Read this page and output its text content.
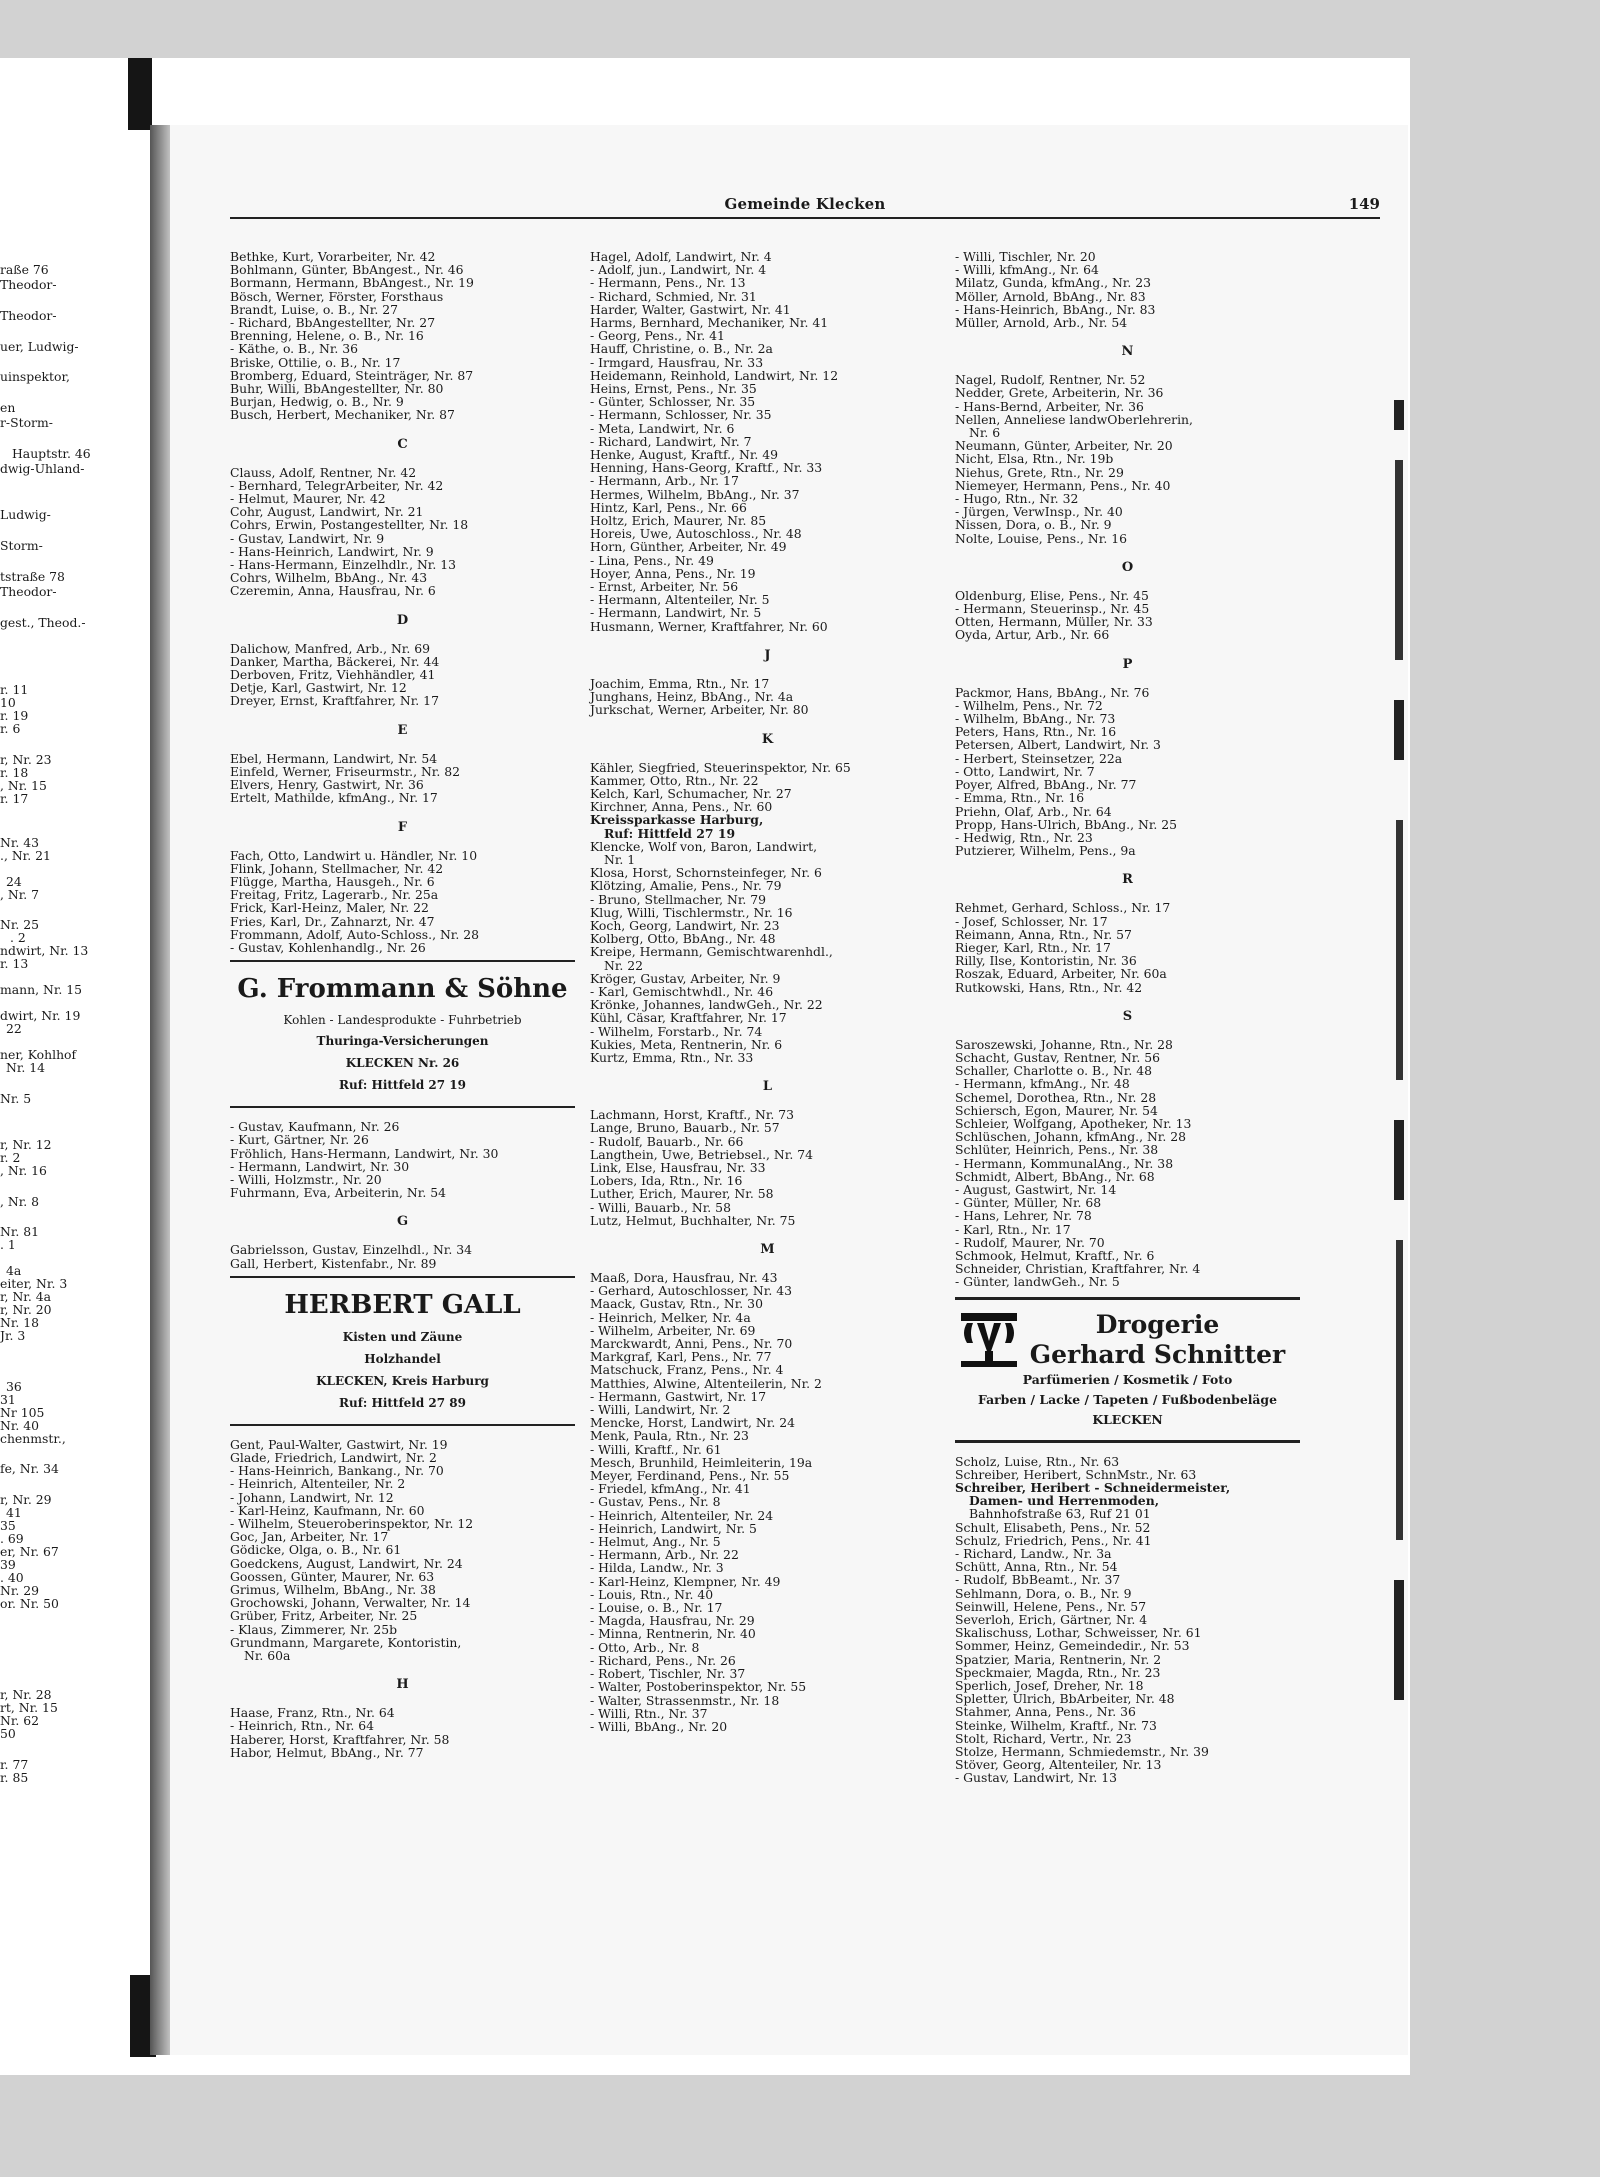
raße 76
Theodor-
Theodor-
uer, Ludwig-
uinspektor,
en
r-Storm-
Hauptstr. 46
dwig-Uhland-
Ludwig-
Storm-
tstraße 78
Theodor-
gest., Theod.-
r. 11
10
r. 19
r. 6
r, Nr. 23
r. 18
, Nr. 15
r. 17
Nr. 43
., Nr. 21
24
, Nr. 7
Nr. 25
. 2
ndwirt, Nr. 13
r. 13
mann, Nr. 15
dwirt, Nr. 19
22
ner, Kohlhof
Nr. 14
Nr. 5
r, Nr. 12
r. 2
, Nr. 16
, Nr. 8
Nr. 81
. 1
4a
eiter, Nr. 3
r, Nr. 4a
r, Nr. 20
Nr. 18
Jr. 3
36
31
Nr 105
Nr. 40
chenmstr.,
fe, Nr. 34
r, Nr. 29
41
35
. 69
er, Nr. 67
39
. 40
Nr. 29
or. Nr. 50
r, Nr. 28
rt, Nr. 15
Nr. 62
50
r. 77
r. 85
Gemeinde Klecken	149
Bethke, Kurt, Vorarbeiter, Nr. 42
Bohlmann, Günter, BbAngest., Nr. 46
Bormann, Hermann, BbAngest., Nr. 19
Bösch, Werner, Förster, Forsthaus
Brandt, Luise, o. B., Nr. 27
- Richard, BbAngestellter, Nr. 27
Brenning, Helene, o. B., Nr. 16
- Käthe, o. B., Nr. 36
Briske, Ottilie, o. B., Nr. 17
Bromberg, Eduard, Steinträger, Nr. 87
Buhr, Willi, BbAngestellter, Nr. 80
Burjan, Hedwig, o. B., Nr. 9
Busch, Herbert, Mechaniker, Nr. 87
C
Clauss, Adolf, Rentner, Nr. 42
- Bernhard, TelegrArbeiter, Nr. 42
- Helmut, Maurer, Nr. 42
Cohr, August, Landwirt, Nr. 21
Cohrs, Erwin, Postangestellter, Nr. 18
- Gustav, Landwirt, Nr. 9
- Hans-Heinrich, Landwirt, Nr. 9
- Hans-Hermann, Einzelhdlr., Nr. 13
Cohrs, Wilhelm, BbAng., Nr. 43
Czeremin, Anna, Hausfrau, Nr. 6
D
Dalichow, Manfred, Arb., Nr. 69
Danker, Martha, Bäckerei, Nr. 44
Derboven, Fritz, Viehhändler, 41
Detje, Karl, Gastwirt, Nr. 12
Dreyer, Ernst, Kraftfahrer, Nr. 17
E
Ebel, Hermann, Landwirt, Nr. 54
Einfeld, Werner, Friseurmstr., Nr. 82
Elvers, Henry, Gastwirt, Nr. 36
Ertelt, Mathilde, kfmAng., Nr. 17
F
Fach, Otto, Landwirt u. Händler, Nr. 10
Flink, Johann, Stellmacher, Nr. 42
Flügge, Martha, Hausgeh., Nr. 6
Freitag, Fritz, Lagerarb., Nr. 25a
Frick, Karl-Heinz, Maler, Nr. 22
Fries, Karl, Dr., Zahnarzt, Nr. 47
Frommann, Adolf, Auto-Schloss., Nr. 28
- Gustav, Kohlenhandlg., Nr. 26
G. Frommann & Söhne
Kohlen - Landesprodukte - Fuhrbetrieb
Thuringa-Versicherungen
KLECKEN Nr. 26
Ruf: Hittfeld 27 19
- Gustav, Kaufmann, Nr. 26
- Kurt, Gärtner, Nr. 26
Fröhlich, Hans-Hermann, Landwirt, Nr. 30
- Hermann, Landwirt, Nr. 30
- Willi, Holzmstr., Nr. 20
Fuhrmann, Eva, Arbeiterin, Nr. 54
G
Gabrielsson, Gustav, Einzelhdl., Nr. 34
Gall, Herbert, Kistenfabr., Nr. 89
HERBERT GALL
Kisten und Zäune
Holzhandel
KLECKEN, Kreis Harburg
Ruf: Hittfeld 27 89
Gent, Paul-Walter, Gastwirt, Nr. 19
Glade, Friedrich, Landwirt, Nr. 2
- Hans-Heinrich, Bankang., Nr. 70
- Heinrich, Altenteiler, Nr. 2
- Johann, Landwirt, Nr. 12
- Karl-Heinz, Kaufmann, Nr. 60
- Wilhelm, Steueroberinspektor, Nr. 12
Goc, Jan, Arbeiter, Nr. 17
Gödicke, Olga, o. B., Nr. 61
Goedckens, August, Landwirt, Nr. 24
Goossen, Günter, Maurer, Nr. 63
Grimus, Wilhelm, BbAng., Nr. 38
Grochowski, Johann, Verwalter, Nr. 14
Grüber, Fritz, Arbeiter, Nr. 25
- Klaus, Zimmerer, Nr. 25b
Grundmann, Margarete, Kontoristin,
Nr. 60a
H
Haase, Franz, Rtn., Nr. 64
- Heinrich, Rtn., Nr. 64
Haberer, Horst, Kraftfahrer, Nr. 58
Habor, Helmut, BbAng., Nr. 77
Hagel, Adolf, Landwirt, Nr. 4
- Adolf, jun., Landwirt, Nr. 4
- Hermann, Pens., Nr. 13
- Richard, Schmied, Nr. 31
Harder, Walter, Gastwirt, Nr. 41
Harms, Bernhard, Mechaniker, Nr. 41
- Georg, Pens., Nr. 41
Hauff, Christine, o. B., Nr. 2a
- Irmgard, Hausfrau, Nr. 33
Heidemann, Reinhold, Landwirt, Nr. 12
Heins, Ernst, Pens., Nr. 35
- Günter, Schlosser, Nr. 35
- Hermann, Schlosser, Nr. 35
- Meta, Landwirt, Nr. 6
- Richard, Landwirt, Nr. 7
Henke, August, Kraftf., Nr. 49
Henning, Hans-Georg, Kraftf., Nr. 33
- Hermann, Arb., Nr. 17
Hermes, Wilhelm, BbAng., Nr. 37
Hintz, Karl, Pens., Nr. 66
Holtz, Erich, Maurer, Nr. 85
Horeis, Uwe, Autoschloss., Nr. 48
Horn, Günther, Arbeiter, Nr. 49
- Lina, Pens., Nr. 49
Hoyer, Anna, Pens., Nr. 19
- Ernst, Arbeiter, Nr. 56
- Hermann, Altenteiler, Nr. 5
- Hermann, Landwirt, Nr. 5
Husmann, Werner, Kraftfahrer, Nr. 60
J
Joachim, Emma, Rtn., Nr. 17
Junghans, Heinz, BbAng., Nr. 4a
Jurkschat, Werner, Arbeiter, Nr. 80
K
Kähler, Siegfried, Steuerinspektor, Nr. 65
Kammer, Otto, Rtn., Nr. 22
Kelch, Karl, Schumacher, Nr. 27
Kirchner, Anna, Pens., Nr. 60
Kreissparkasse Harburg,
Ruf: Hittfeld 27 19
Klencke, Wolf von, Baron, Landwirt,
Nr. 1
Klosa, Horst, Schornsteinfeger, Nr. 6
Klötzing, Amalie, Pens., Nr. 79
- Bruno, Stellmacher, Nr. 79
Klug, Willi, Tischlermstr., Nr. 16
Koch, Georg, Landwirt, Nr. 23
Kolberg, Otto, BbAng., Nr. 48
Kreipe, Hermann, Gemischtwarenhdl.,
Nr. 22
Kröger, Gustav, Arbeiter, Nr. 9
- Karl, Gemischtwhdl., Nr. 46
Krönke, Johannes, landwGeh., Nr. 22
Kühl, Cäsar, Kraftfahrer, Nr. 17
- Wilhelm, Forstarb., Nr. 74
Kukies, Meta, Rentnerin, Nr. 6
Kurtz, Emma, Rtn., Nr. 33
L
Lachmann, Horst, Kraftf., Nr. 73
Lange, Bruno, Bauarb., Nr. 57
- Rudolf, Bauarb., Nr. 66
Langthein, Uwe, Betriebsel., Nr. 74
Link, Else, Hausfrau, Nr. 33
Lobers, Ida, Rtn., Nr. 16
Luther, Erich, Maurer, Nr. 58
- Willi, Bauarb., Nr. 58
Lutz, Helmut, Buchhalter, Nr. 75
M
Maaß, Dora, Hausfrau, Nr. 43
- Gerhard, Autoschlosser, Nr. 43
Maack, Gustav, Rtn., Nr. 30
- Heinrich, Melker, Nr. 4a
- Wilhelm, Arbeiter, Nr. 69
Marckwardt, Anni, Pens., Nr. 70
Markgraf, Karl, Pens., Nr. 77
Matschuck, Franz, Pens., Nr. 4
Matthies, Alwine, Altenteilerin, Nr. 2
- Hermann, Gastwirt, Nr. 17
- Willi, Landwirt, Nr. 2
Mencke, Horst, Landwirt, Nr. 24
Menk, Paula, Rtn., Nr. 23
- Willi, Kraftf., Nr. 61
Mesch, Brunhild, Heimleiterin, 19a
Meyer, Ferdinand, Pens., Nr. 55
- Friedel, kfmAng., Nr. 41
- Gustav, Pens., Nr. 8
- Heinrich, Altenteiler, Nr. 24
- Heinrich, Landwirt, Nr. 5
- Helmut, Ang., Nr. 5
- Hermann, Arb., Nr. 22
- Hilda, Landw., Nr. 3
- Karl-Heinz, Klempner, Nr. 49
- Louis, Rtn., Nr. 40
- Louise, o. B., Nr. 17
- Magda, Hausfrau, Nr. 29
- Minna, Rentnerin, Nr. 40
- Otto, Arb., Nr. 8
- Richard, Pens., Nr. 26
- Robert, Tischler, Nr. 37
- Walter, Postoberinspektor, Nr. 55
- Walter, Strassenmstr., Nr. 18
- Willi, Rtn., Nr. 37
- Willi, BbAng., Nr. 20
- Willi, Tischler, Nr. 20
- Willi, kfmAng., Nr. 64
Milatz, Gunda, kfmAng., Nr. 23
Möller, Arnold, BbAng., Nr. 83
- Hans-Heinrich, BbAng., Nr. 83
Müller, Arnold, Arb., Nr. 54
N
Nagel, Rudolf, Rentner, Nr. 52
Nedder, Grete, Arbeiterin, Nr. 36
- Hans-Bernd, Arbeiter, Nr. 36
Nellen, Anneliese landwOberlehrerin,
Nr. 6
Neumann, Günter, Arbeiter, Nr. 20
Nicht, Elsa, Rtn., Nr. 19b
Niehus, Grete, Rtn., Nr. 29
Niemeyer, Hermann, Pens., Nr. 40
- Hugo, Rtn., Nr. 32
- Jürgen, VerwInsp., Nr. 40
Nissen, Dora, o. B., Nr. 9
Nolte, Louise, Pens., Nr. 16
O
Oldenburg, Elise, Pens., Nr. 45
- Hermann, Steuerinsp., Nr. 45
Otten, Hermann, Müller, Nr. 33
Oyda, Artur, Arb., Nr. 66
P
Packmor, Hans, BbAng., Nr. 76
- Wilhelm, Pens., Nr. 72
- Wilhelm, BbAng., Nr. 73
Peters, Hans, Rtn., Nr. 16
Petersen, Albert, Landwirt, Nr. 3
- Herbert, Steinsetzer, 22a
- Otto, Landwirt, Nr. 7
Poyer, Alfred, BbAng., Nr. 77
- Emma, Rtn., Nr. 16
Priehn, Olaf, Arb., Nr. 64
Propp, Hans-Ulrich, BbAng., Nr. 25
- Hedwig, Rtn., Nr. 23
Putzierer, Wilhelm, Pens., 9a
R
Rehmet, Gerhard, Schloss., Nr. 17
- Josef, Schlosser, Nr. 17
Reimann, Anna, Rtn., Nr. 57
Rieger, Karl, Rtn., Nr. 17
Rilly, Ilse, Kontoristin, Nr. 36
Roszak, Eduard, Arbeiter, Nr. 60a
Rutkowski, Hans, Rtn., Nr. 42
S
Saroszewski, Johanne, Rtn., Nr. 28
Schacht, Gustav, Rentner, Nr. 56
Schaller, Charlotte o. B., Nr. 48
- Hermann, kfmAng., Nr. 48
Schemel, Dorothea, Rtn., Nr. 28
Schiersch, Egon, Maurer, Nr. 54
Schleier, Wolfgang, Apotheker, Nr. 13
Schlüschen, Johann, kfmAng., Nr. 28
Schlüter, Heinrich, Pens., Nr. 38
- Hermann, KommunalAng., Nr. 38
Schmidt, Albert, BbAng., Nr. 68
- August, Gastwirt, Nr. 14
- Günter, Müller, Nr. 68
- Hans, Lehrer, Nr. 78
- Karl, Rtn., Nr. 17
- Rudolf, Maurer, Nr. 70
Schmook, Helmut, Kraftf., Nr. 6
Schneider, Christian, Kraftfahrer, Nr. 4
- Günter, landwGeh., Nr. 5
Drogerie
Gerhard Schnitter
Parfümerien / Kosmetik / Foto
Farben / Lacke / Tapeten / Fußbodenbeläge
KLECKEN
Scholz, Luise, Rtn., Nr. 63
Schreiber, Heribert, SchnMstr., Nr. 63
Schreiber, Heribert - Schneidermeister,
Damen- und Herrenmoden,
Bahnhofstraße 63, Ruf 21 01
Schult, Elisabeth, Pens., Nr. 52
Schulz, Friedrich, Pens., Nr. 41
- Richard, Landw., Nr. 3a
Schütt, Anna, Rtn., Nr. 54
- Rudolf, BbBeamt., Nr. 37
Sehlmann, Dora, o. B., Nr. 9
Seinwill, Helene, Pens., Nr. 57
Severloh, Erich, Gärtner, Nr. 4
Skalischuss, Lothar, Schweisser, Nr. 61
Sommer, Heinz, Gemeindedir., Nr. 53
Spatzier, Maria, Rentnerin, Nr. 2
Speckmaier, Magda, Rtn., Nr. 23
Sperlich, Josef, Dreher, Nr. 18
Spletter, Ulrich, BbArbeiter, Nr. 48
Stahmer, Anna, Pens., Nr. 36
Steinke, Wilhelm, Kraftf., Nr. 73
Stolt, Richard, Vertr., Nr. 23
Stolze, Hermann, Schmiedemstr., Nr. 39
Stöver, Georg, Altenteiler, Nr. 13
- Gustav, Landwirt, Nr. 13
